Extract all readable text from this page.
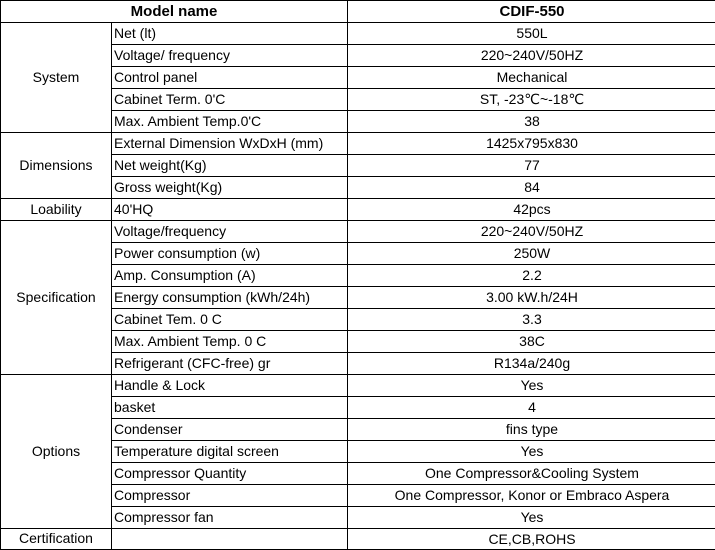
Model name		CDIF-550
System	Net (lt)	550L
	Voltage/ frequency	220~240V/50HZ
	Control panel	Mechanical
	Cabinet Term. 0'C	ST, -23℃~-18℃
	Max. Ambient Temp.0'C	38
Dimensions	External Dimension WxDxH (mm)	1425x795x830
	Net weight(Kg)	77
	Gross weight(Kg)	84
Loability	40'HQ	42pcs
Specification	Voltage/frequency	220~240V/50HZ
	Power consumption (w)	250W
	Amp. Consumption (A)	2.2
	Energy consumption (kWh/24h)	3.00 kW.h/24H
	Cabinet Tem. 0 C	3.3
	Max. Ambient Temp. 0 C	38C
	Refrigerant (CFC-free) gr	R134a/240g
Options	Handle & Lock	Yes
	basket	4
	Condenser	fins type
	Temperature digital screen	Yes
	Compressor Quantity	One Compressor&Cooling System
	Compressor	One Compressor, Konor or Embraco Aspera
	Compressor fan	Yes
Certification		CE,CB,ROHS
